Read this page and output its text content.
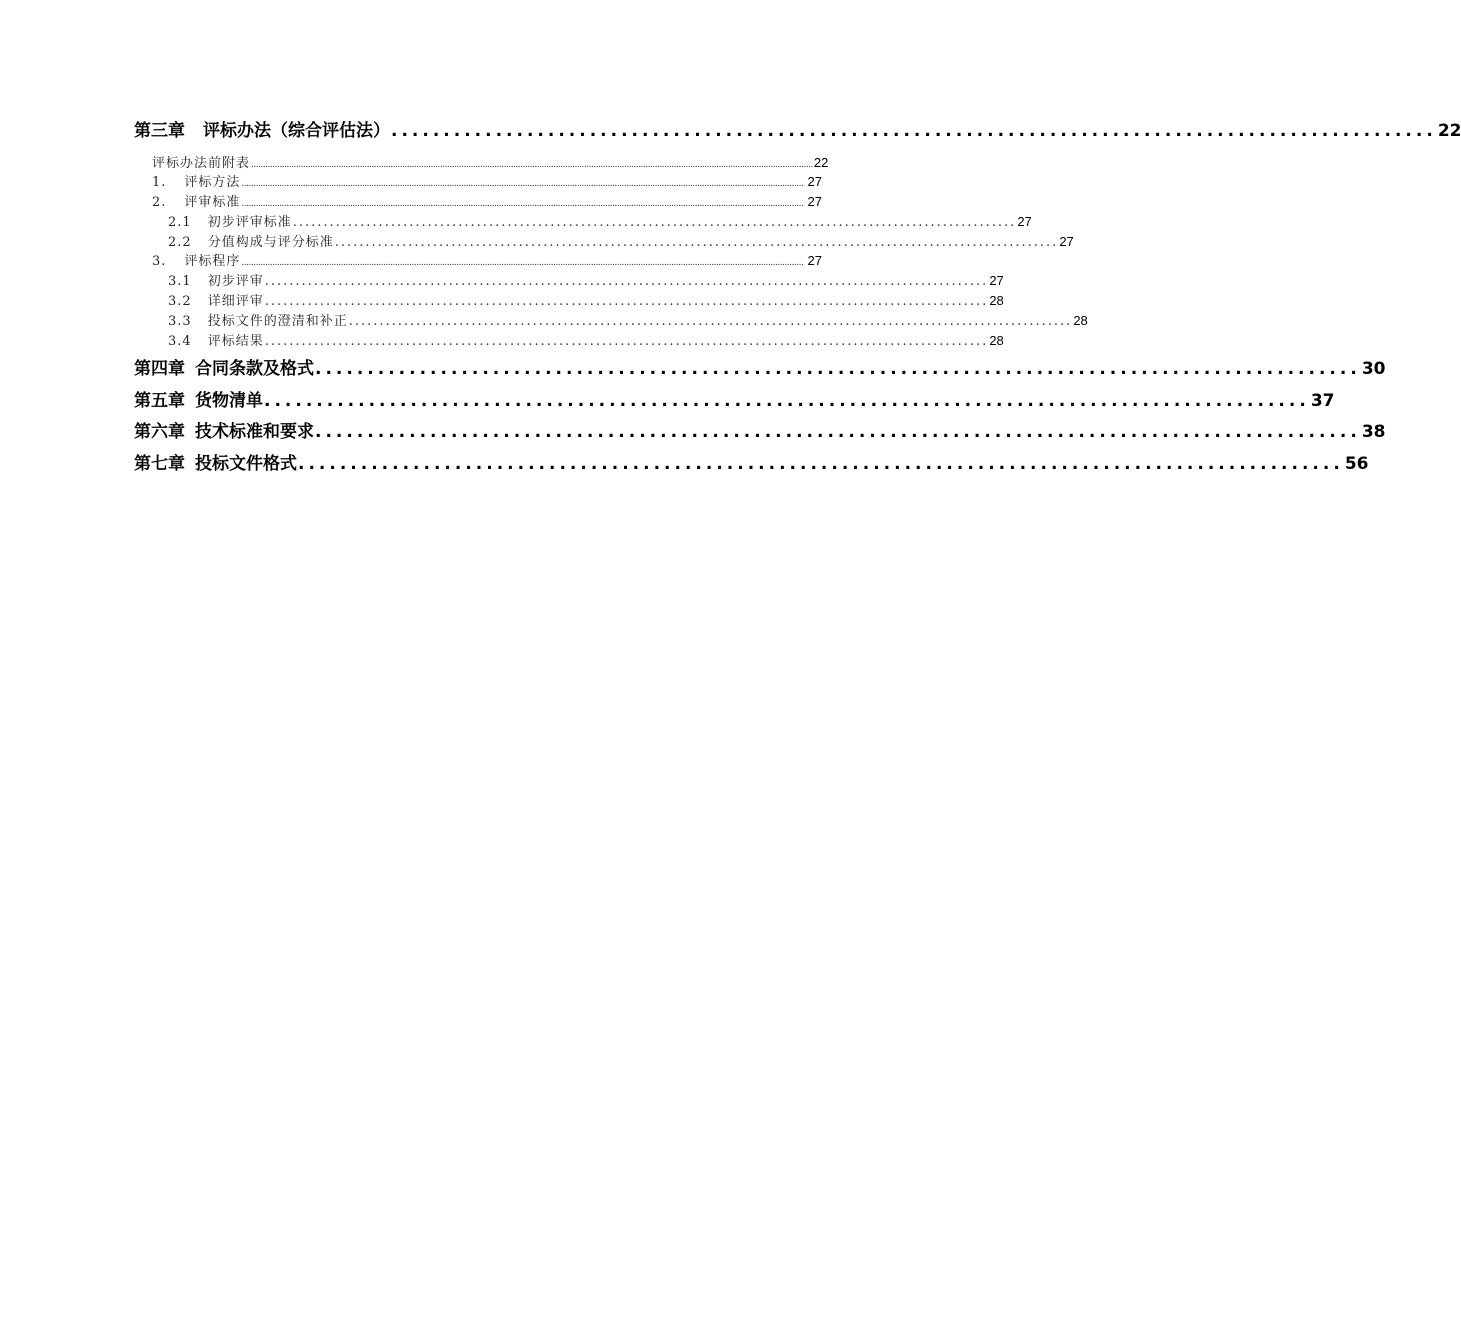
第三章 评标办法（综合评估法） .................................................................................................... 22
评标办法前附表 .............................................................................................................................................................................................................................................. 22
1. 评标方法 .............................................................................................................................................................................................................................................. 27
2. 评审标准 .............................................................................................................................................................................................................................................. 27
2.1 初步评审标准 ...................................................................................................................... 27
2.2 分值构成与评分标准 ...................................................................................................................... 27
3. 评标程序 .............................................................................................................................................................................................................................................. 27
3.1 初步评审 ...................................................................................................................... 27
3.2 详细评审 ...................................................................................................................... 28
3.3 投标文件的澄清和补正 ...................................................................................................................... 28
3.4 评标结果 ...................................................................................................................... 28
第四章 合同条款及格式 .................................................................................................... 30
第五章 货物清单 .................................................................................................... 37
第六章 技术标准和要求 .................................................................................................... 38
第七章 投标文件格式 .................................................................................................... 56
